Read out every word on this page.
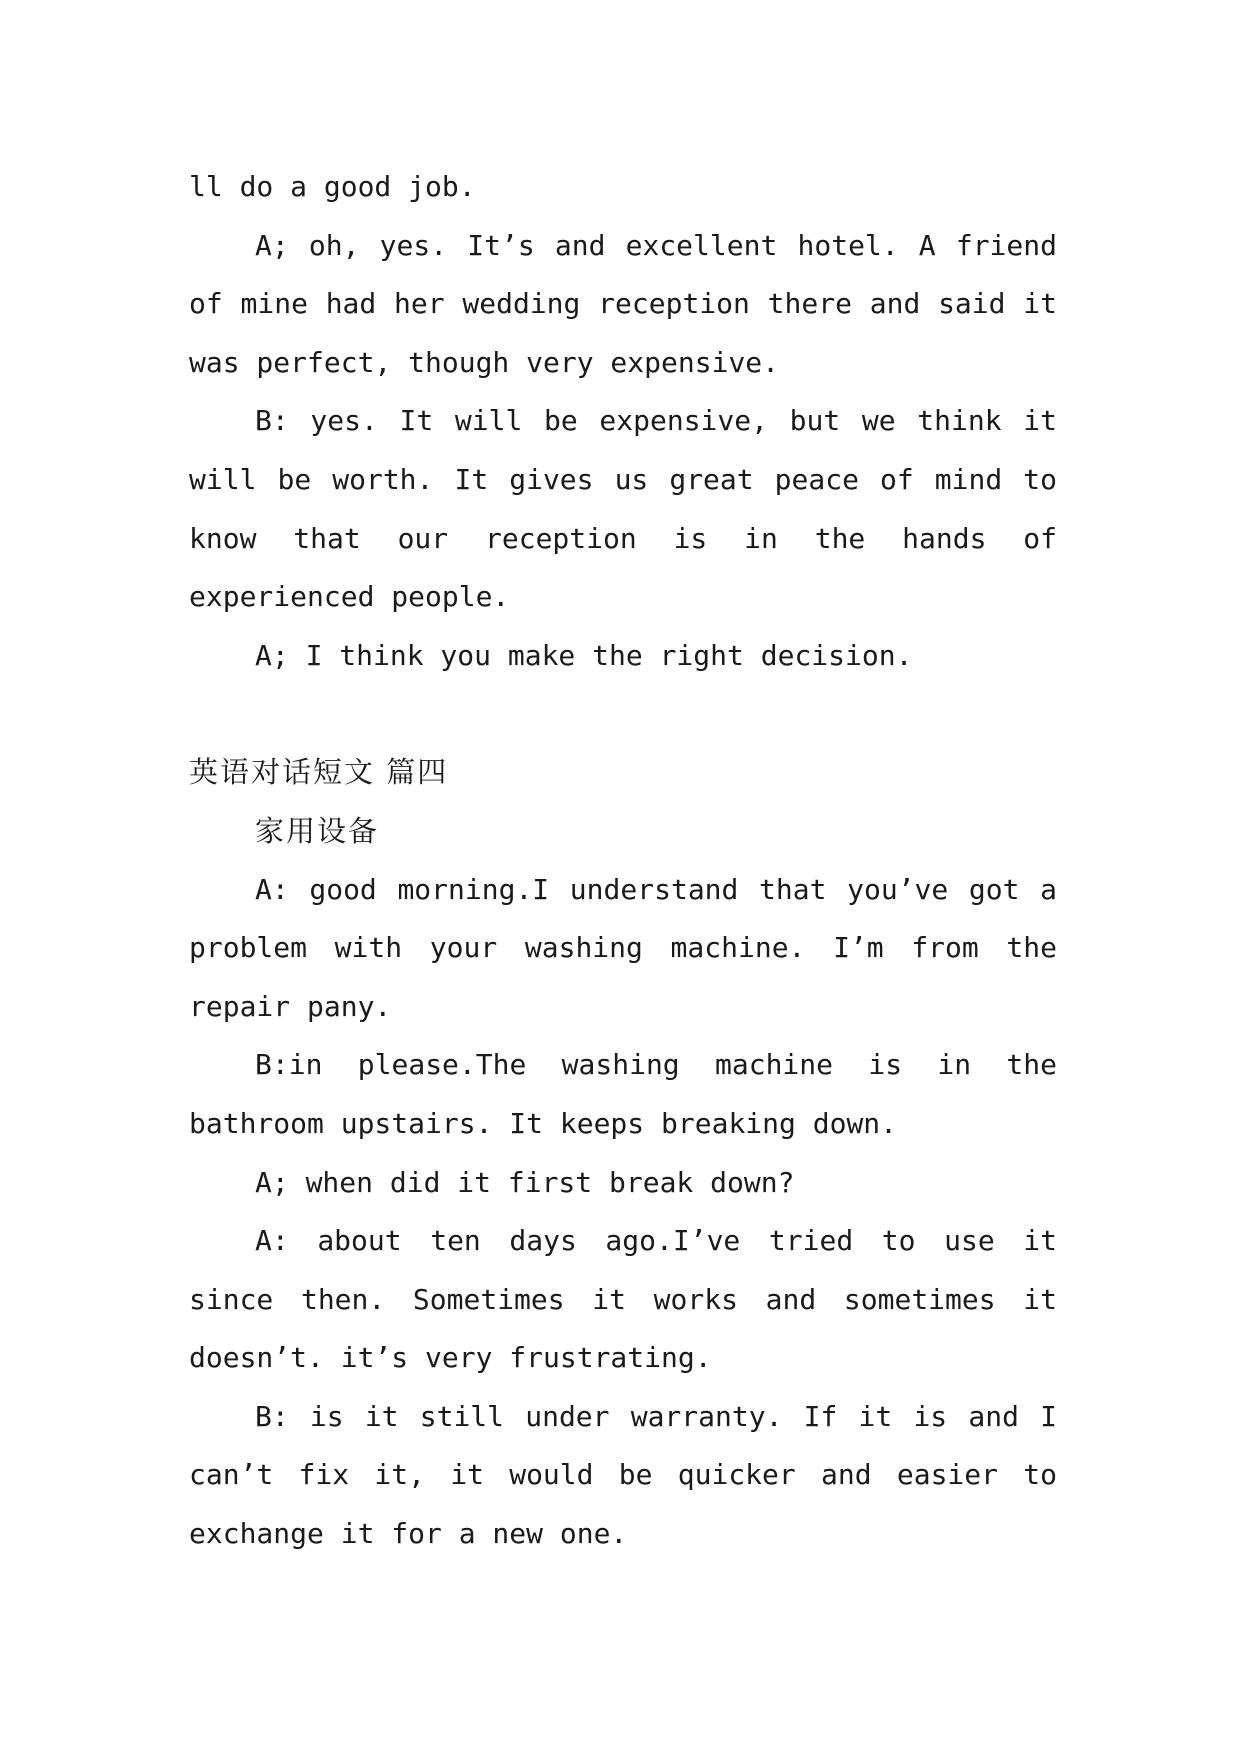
ll do a good job.

A; oh, yes. It’s and excellent hotel. A friend of mine had her wedding reception there and said it was perfect, though very expensive.

B: yes. It will be expensive, but we think it will be worth. It gives us great peace of mind to know that our reception is in the hands of experienced people.

A; I think you make the right decision.

英语对话短文 篇四

家用设备

A: good morning.I understand that you’ve got a problem with your washing machine. I’m from the repair pany.

B:in please.The washing machine is in the bathroom upstairs. It keeps breaking down.

A; when did it first break down?

A: about ten days ago.I’ve tried to use it since then. Sometimes it works and sometimes it doesn’t. it’s very frustrating.

B: is it still under warranty. If it is and I can’t fix it, it would be quicker and easier to exchange it for a new one.
